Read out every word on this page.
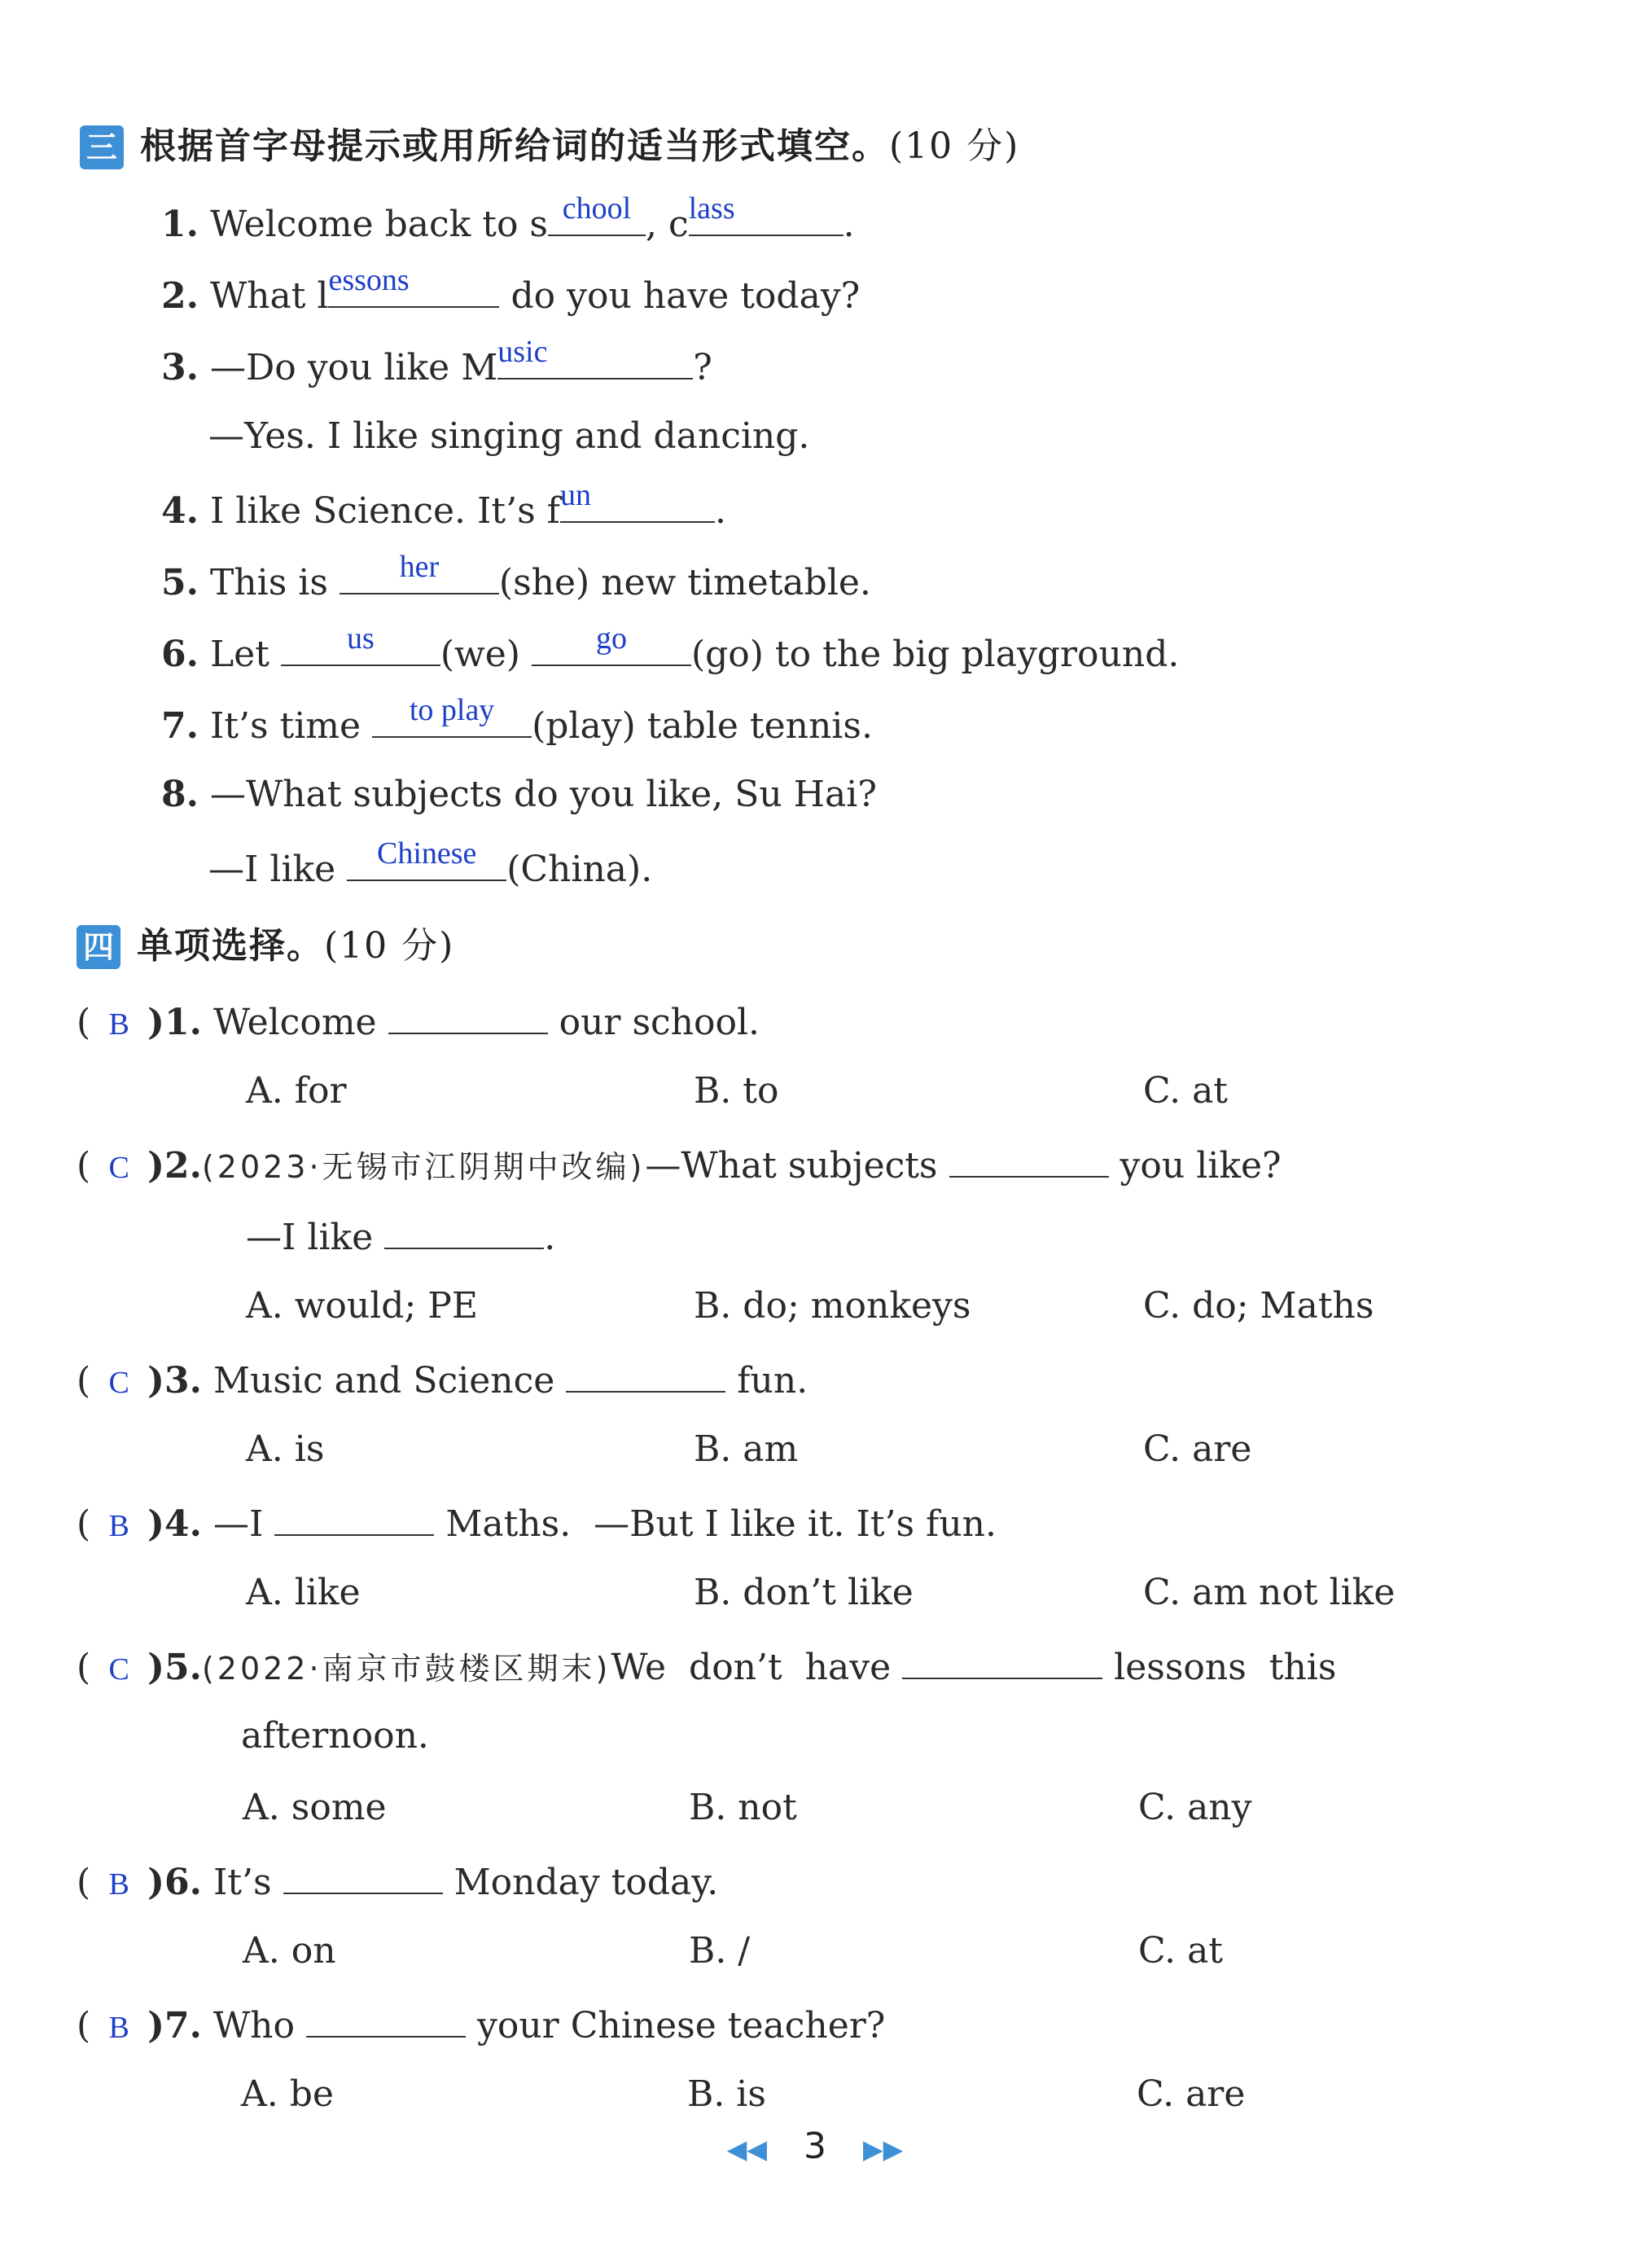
三 根据首字母提示或用所给词的适当形式填空。(10 分)
1. Welcome back to s chool , c lass	.
2. What l essons	do you have today?
3. —Do you like M usic	?
—Yes. I like singing and dancing.
4. I like Science. It’s f un	.
5. This is	her	(she) new timetable.
6. Let	us	(we)	go	(go) to the big playground.
7. It’s time	to play	(play) table tennis.
8. —What subjects do you like, Su Hai?
—I like	Chinese (China).
四 单项选择。(10 分)
( B )1. Welcome	our school.
A. for	B. to	C. at
( C )2.(2023·无锡市江阴期中改编)—What subjects	you like?
—I like	.
A. would; PE	B. do; monkeys	C. do; Maths
( C )3. Music and Science	fun.
A. is	B. am	C. are
( B )4. —I	Maths.  —But I like it. It’s fun.
A. like	B. don’t like	C. am not like
( C )5.(2022·南京市鼓楼区期末)We  don’t  have	lessons  this
afternoon.
A. some	B. not	C. any
( B )6. It’s	Monday today.
A. on	B. /	C. at
( B )7. Who	your Chinese teacher?
A. be	B. is	C. are
◀◀ 3 ▶▶
